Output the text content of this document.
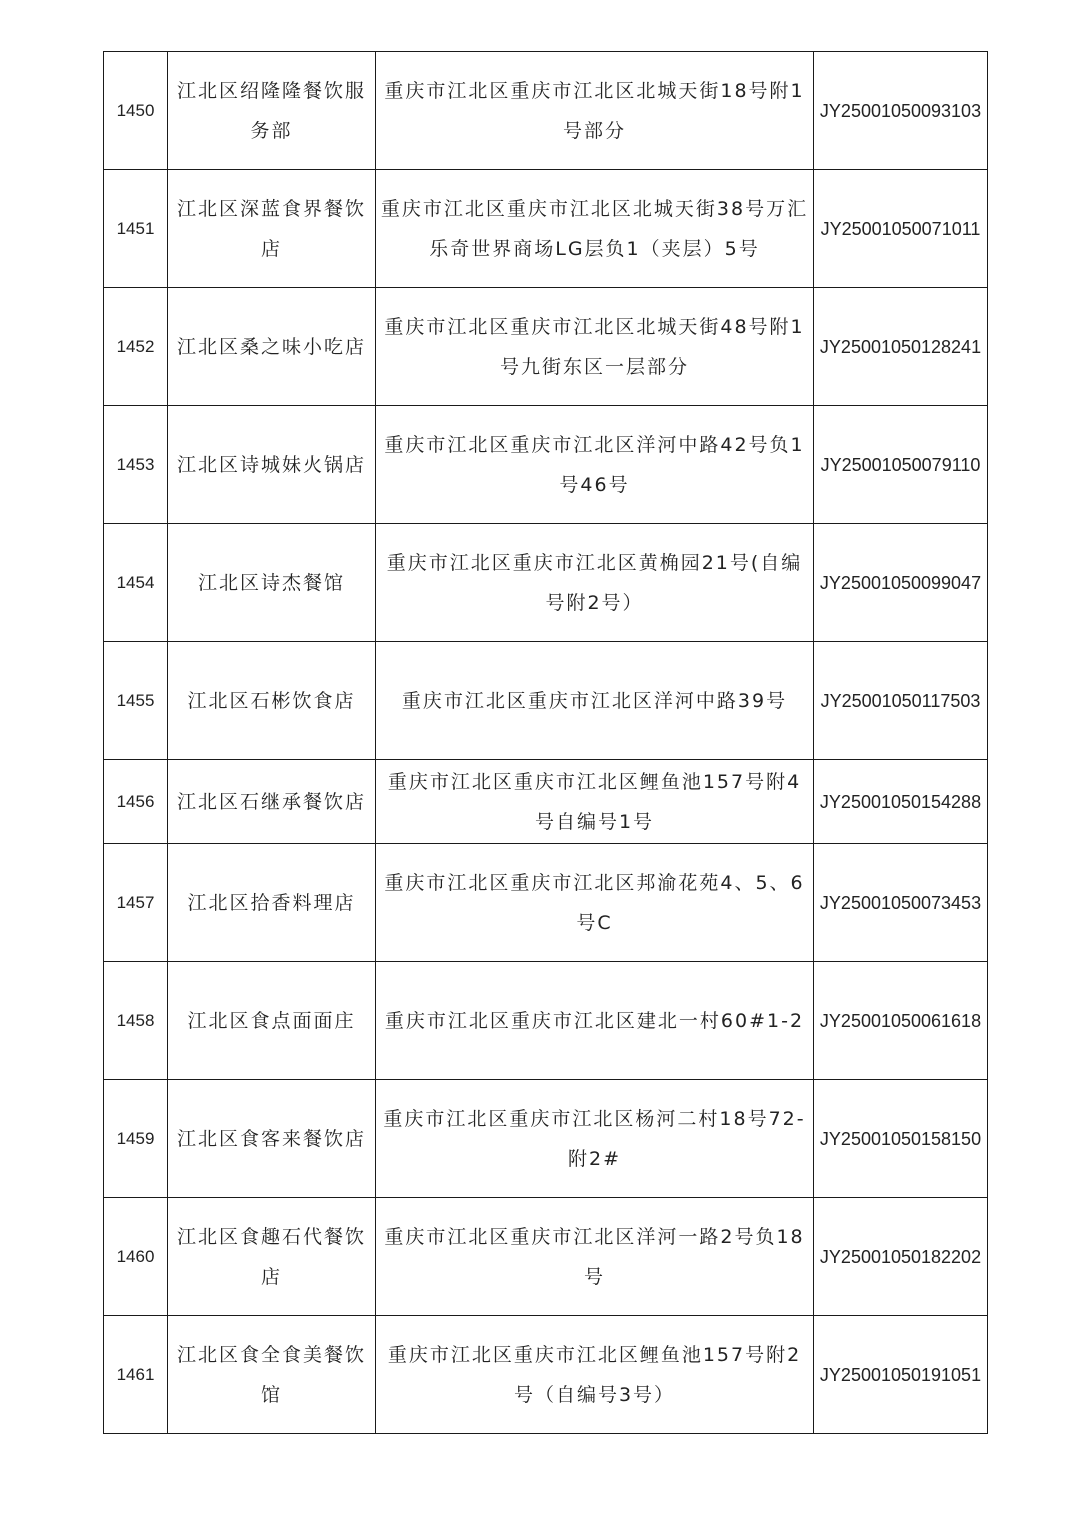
1450	江北区绍隆隆餐饮服务部	重庆市江北区重庆市江北区北城天街18号附1号部分	JY25001050093103
1451	江北区深蓝食界餐饮店	重庆市江北区重庆市江北区北城天街38号万汇乐奇世界商场LG层负1（夹层）5号	JY25001050071011
1452	江北区桑之味小吃店	重庆市江北区重庆市江北区北城天街48号附1号九街东区一层部分	JY25001050128241
1453	江北区诗城妹火锅店	重庆市江北区重庆市江北区洋河中路42号负1号46号	JY25001050079110
1454	江北区诗杰餐馆	重庆市江北区重庆市江北区黄桷园21号(自编号附2号）	JY25001050099047
1455	江北区石彬饮食店	重庆市江北区重庆市江北区洋河中路39号	JY25001050117503
1456	江北区石继承餐饮店	重庆市江北区重庆市江北区鲤鱼池157号附4号自编号1号	JY25001050154288
1457	江北区拾香料理店	重庆市江北区重庆市江北区邦渝花苑4、5、6号C	JY25001050073453
1458	江北区食点面面庄	重庆市江北区重庆市江北区建北一村60#1-2	JY25001050061618
1459	江北区食客来餐饮店	重庆市江北区重庆市江北区杨河二村18号72-附2#	JY25001050158150
1460	江北区食趣石代餐饮店	重庆市江北区重庆市江北区洋河一路2号负18号	JY25001050182202
1461	江北区食全食美餐饮馆	重庆市江北区重庆市江北区鲤鱼池157号附2号（自编号3号）	JY25001050191051
